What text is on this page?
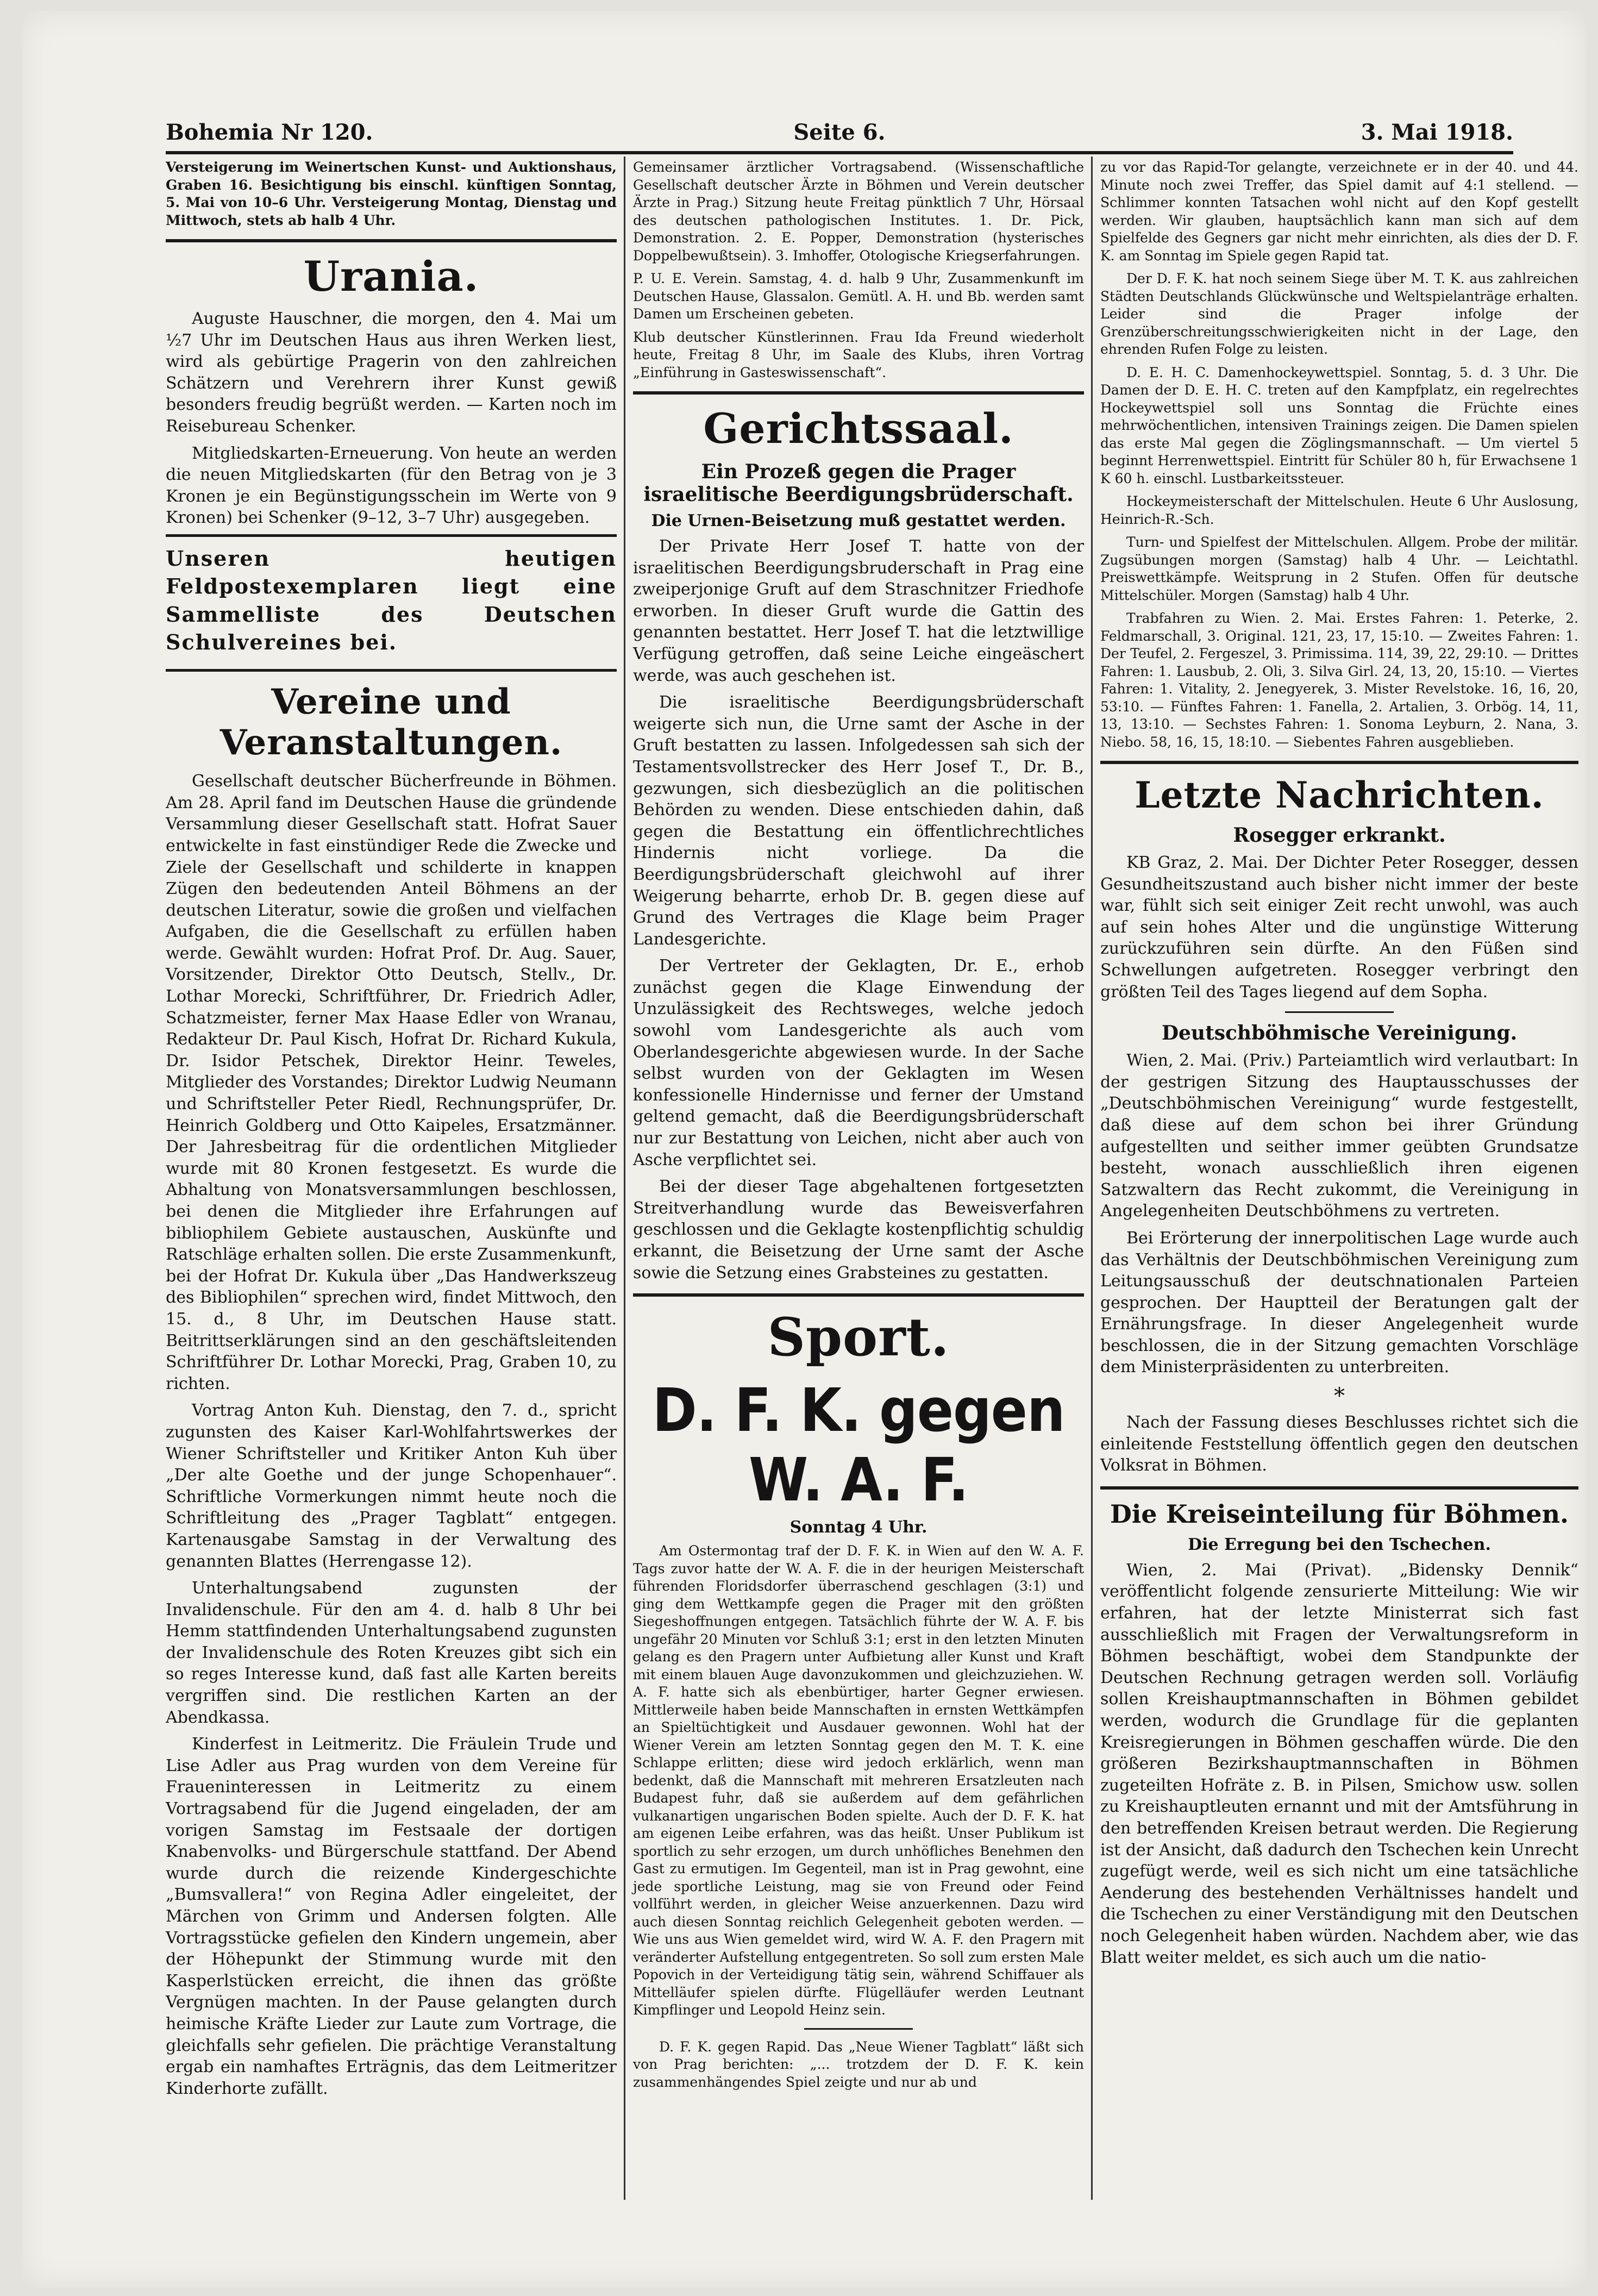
Bohemia Nr 120.	Seite 6.	3. Mai 1918.

Versteigerung im Weinertschen Kunst- und Auktionshaus, Graben 16. Besichtigung bis einschl. künftigen Sonntag, 5. Mai von 10–6 Uhr. Versteigerung Montag, Dienstag und Mittwoch, stets ab halb 4 Uhr.

Urania.

Auguste Hauschner, die morgen, den 4. Mai um ½7 Uhr im Deutschen Haus aus ihren Werken liest, wird als gebürtige Pragerin von den zahlreichen Schätzern und Verehrern ihrer Kunst gewiß besonders freudig begrüßt werden. — Karten noch im Reisebureau Schenker.

Mitgliedskarten-Erneuerung. Von heute an werden die neuen Mitgliedskarten (für den Betrag von je 3 Kronen je ein Begünstigungsschein im Werte von 9 Kronen) bei Schenker (9–12, 3–7 Uhr) ausgegeben.

Unseren heutigen Feldpostexemplaren liegt eine Sammelliste des Deutschen Schulvereines bei.

Vereine und Veranstaltungen.

Gesellschaft deutscher Bücherfreunde in Böhmen. Am 28. April fand im Deutschen Hause die gründende Versammlung dieser Gesellschaft statt. Hofrat Sauer entwickelte in fast einstündiger Rede die Zwecke und Ziele der Gesellschaft und schilderte in knappen Zügen den bedeutenden Anteil Böhmens an der deutschen Literatur, sowie die großen und vielfachen Aufgaben, die die Gesellschaft zu erfüllen haben werde. Gewählt wurden: Hofrat Prof. Dr. Aug. Sauer, Vorsitzender, Direktor Otto Deutsch, Stellv., Dr. Lothar Morecki, Schriftführer, Dr. Friedrich Adler, Schatzmeister, ferner Max Haase Edler von Wranau, Redakteur Dr. Paul Kisch, Hofrat Dr. Richard Kukula, Dr. Isidor Petschek, Direktor Heinr. Teweles, Mitglieder des Vorstandes; Direktor Ludwig Neumann und Schriftsteller Peter Riedl, Rechnungsprüfer, Dr. Heinrich Goldberg und Otto Kaipeles, Ersatzmänner. Der Jahresbeitrag für die ordentlichen Mitglieder wurde mit 80 Kronen festgesetzt. Es wurde die Abhaltung von Monatsversammlungen beschlossen, bei denen die Mitglieder ihre Erfahrungen auf bibliophilem Gebiete austauschen, Auskünfte und Ratschläge erhalten sollen. Die erste Zusammenkunft, bei der Hofrat Dr. Kukula über „Das Handwerkszeug des Bibliophilen“ sprechen wird, findet Mittwoch, den 15. d., 8 Uhr, im Deutschen Hause statt. Beitrittserklärungen sind an den geschäftsleitenden Schriftführer Dr. Lothar Morecki, Prag, Graben 10, zu richten.

Vortrag Anton Kuh. Dienstag, den 7. d., spricht zugunsten des Kaiser Karl-Wohlfahrtswerkes der Wiener Schriftsteller und Kritiker Anton Kuh über „Der alte Goethe und der junge Schopenhauer“. Schriftliche Vormerkungen nimmt heute noch die Schriftleitung des „Prager Tagblatt“ entgegen. Kartenausgabe Samstag in der Verwaltung des genannten Blattes (Herrengasse 12).

Unterhaltungsabend zugunsten der Invalidenschule. Für den am 4. d. halb 8 Uhr bei Hemm stattfindenden Unterhaltungsabend zugunsten der Invalidenschule des Roten Kreuzes gibt sich ein so reges Interesse kund, daß fast alle Karten bereits vergriffen sind. Die restlichen Karten an der Abendkassa.

Kinderfest in Leitmeritz. Die Fräulein Trude und Lise Adler aus Prag wurden von dem Vereine für Fraueninteressen in Leitmeritz zu einem Vortragsabend für die Jugend eingeladen, der am vorigen Samstag im Festsaale der dortigen Knabenvolks- und Bürgerschule stattfand. Der Abend wurde durch die reizende Kindergeschichte „Bumsvallera!“ von Regina Adler eingeleitet, der Märchen von Grimm und Andersen folgten. Alle Vortragsstücke gefielen den Kindern ungemein, aber der Höhepunkt der Stimmung wurde mit den Kasperlstücken erreicht, die ihnen das größte Vergnügen machten. In der Pause gelangten durch heimische Kräfte Lieder zur Laute zum Vortrage, die gleichfalls sehr gefielen. Die prächtige Veranstaltung ergab ein namhaftes Erträgnis, das dem Leitmeritzer Kinderhorte zufällt.

Gemeinsamer ärztlicher Vortragsabend. (Wissenschaftliche Gesellschaft deutscher Ärzte in Böhmen und Verein deutscher Ärzte in Prag.) Sitzung heute Freitag pünktlich 7 Uhr, Hörsaal des deutschen pathologischen Institutes. 1. Dr. Pick, Demonstration. 2. E. Popper, Demonstration (hysterisches Doppelbewußtsein). 3. Imhoffer, Otologische Kriegserfahrungen.

P. U. E. Verein. Samstag, 4. d. halb 9 Uhr, Zusammenkunft im Deutschen Hause, Glassalon. Gemütl. A. H. und Bb. werden samt Damen um Erscheinen gebeten.

Klub deutscher Künstlerinnen. Frau Ida Freund wiederholt heute, Freitag 8 Uhr, im Saale des Klubs, ihren Vortrag „Einführung in Gasteswissenschaft“.

Gerichtssaal.
Ein Prozeß gegen die Prager israelitische Beerdigungsbrüderschaft.
Die Urnen-Beisetzung muß gestattet werden.

Der Private Herr Josef T. hatte von der israelitischen Beerdigungsbruderschaft in Prag eine zweiperjonige Gruft auf dem Straschnitzer Friedhofe erworben. In dieser Gruft wurde die Gattin des genannten bestattet. Herr Josef T. hat die letztwillige Verfügung getroffen, daß seine Leiche eingeäschert werde, was auch geschehen ist.

Die israelitische Beerdigungsbrüderschaft weigerte sich nun, die Urne samt der Asche in der Gruft bestatten zu lassen. Infolgedessen sah sich der Testamentsvollstrecker des Herr Josef T., Dr. B., gezwungen, sich diesbezüglich an die politischen Behörden zu wenden. Diese entschieden dahin, daß gegen die Bestattung ein öffentlichrechtliches Hindernis nicht vorliege. Da die Beerdigungsbrüderschaft gleichwohl auf ihrer Weigerung beharrte, erhob Dr. B. gegen diese auf Grund des Vertrages die Klage beim Prager Landesgerichte.

Der Vertreter der Geklagten, Dr. E., erhob zunächst gegen die Klage Einwendung der Unzulässigkeit des Rechtsweges, welche jedoch sowohl vom Landesgerichte als auch vom Oberlandesgerichte abgewiesen wurde. In der Sache selbst wurden von der Geklagten im Wesen konfessionelle Hindernisse und ferner der Umstand geltend gemacht, daß die Beerdigungsbrüderschaft nur zur Bestattung von Leichen, nicht aber auch von Asche verpflichtet sei.

Bei der dieser Tage abgehaltenen fortgesetzten Streitverhandlung wurde das Beweisverfahren geschlossen und die Geklagte kostenpflichtig schuldig erkannt, die Beisetzung der Urne samt der Asche sowie die Setzung eines Grabsteines zu gestatten.

Sport.
D. F. K. gegen W. A. F.
Sonntag 4 Uhr.

Am Ostermontag traf der D. F. K. in Wien auf den W. A. F. Tags zuvor hatte der W. A. F. die in der heurigen Meisterschaft führenden Floridsdorfer überraschend geschlagen (3:1) und ging dem Wettkampfe gegen die Prager mit den größten Siegeshoffnungen entgegen. Tatsächlich führte der W. A. F. bis ungefähr 20 Minuten vor Schluß 3:1; erst in den letzten Minuten gelang es den Pragern unter Aufbietung aller Kunst und Kraft mit einem blauen Auge davonzukommen und gleichzuziehen. W. A. F. hatte sich als ebenbürtiger, harter Gegner erwiesen. Mittlerweile haben beide Mannschaften in ernsten Wettkämpfen an Spieltüchtigkeit und Ausdauer gewonnen. Wohl hat der Wiener Verein am letzten Sonntag gegen den M. T. K. eine Schlappe erlitten; diese wird jedoch erklärlich, wenn man bedenkt, daß die Mannschaft mit mehreren Ersatzleuten nach Budapest fuhr, daß sie außerdem auf dem gefährlichen vulkanartigen ungarischen Boden spielte. Auch der D. F. K. hat am eigenen Leibe erfahren, was das heißt. Unser Publikum ist sportlich zu sehr erzogen, um durch unhöfliches Benehmen den Gast zu ermutigen. Im Gegenteil, man ist in Prag gewohnt, eine jede sportliche Leistung, mag sie von Freund oder Feind vollführt werden, in gleicher Weise anzuerkennen. Dazu wird auch diesen Sonntag reichlich Gelegenheit geboten werden. — Wie uns aus Wien gemeldet wird, wird W. A. F. den Pragern mit veränderter Aufstellung entgegentreten. So soll zum ersten Male Popovich in der Verteidigung tätig sein, während Schiffauer als Mittelläufer spielen dürfte. Flügelläufer werden Leutnant Kimpflinger und Leopold Heinz sein.

D. F. K. gegen Rapid. Das „Neue Wiener Tagblatt“ läßt sich von Prag berichten: „... trotzdem der D. F. K. kein zusammenhängendes Spiel zeigte und nur ab und

zu vor das Rapid-Tor gelangte, verzeichnete er in der 40. und 44. Minute noch zwei Treffer, das Spiel damit auf 4:1 stellend. — Schlimmer konnten Tatsachen wohl nicht auf den Kopf gestellt werden. Wir glauben, hauptsächlich kann man sich auf dem Spielfelde des Gegners gar nicht mehr einrichten, als dies der D. F. K. am Sonntag im Spiele gegen Rapid tat.

Der D. F. K. hat noch seinem Siege über M. T. K. aus zahlreichen Städten Deutschlands Glückwünsche und Weltspielanträge erhalten. Leider sind die Prager infolge der Grenzüberschreitungsschwierigkeiten nicht in der Lage, den ehrenden Rufen Folge zu leisten.

D. E. H. C. Damenhockeywettspiel. Sonntag, 5. d. 3 Uhr. Die Damen der D. E. H. C. treten auf den Kampfplatz, ein regelrechtes Hockeywettspiel soll uns Sonntag die Früchte eines mehrwöchentlichen, intensiven Trainings zeigen. Die Damen spielen das erste Mal gegen die Zöglingsmannschaft. — Um viertel 5 beginnt Herrenwettspiel. Eintritt für Schüler 80 h, für Erwachsene 1 K 60 h. einschl. Lustbarkeitssteuer.

Hockeymeisterschaft der Mittelschulen. Heute 6 Uhr Auslosung, Heinrich-R.-Sch.

Turn- und Spielfest der Mittelschulen. Allgem. Probe der militär. Zugsübungen morgen (Samstag) halb 4 Uhr. — Leichtathl. Preiswettkämpfe. Weitsprung in 2 Stufen. Offen für deutsche Mittelschüler. Morgen (Samstag) halb 4 Uhr.

Trabfahren zu Wien. 2. Mai. Erstes Fahren: 1. Peterke, 2. Feldmarschall, 3. Original. 121, 23, 17, 15:10. — Zweites Fahren: 1. Der Teufel, 2. Fergeszel, 3. Primissima. 114, 39, 22, 29:10. — Drittes Fahren: 1. Lausbub, 2. Oli, 3. Silva Girl. 24, 13, 20, 15:10. — Viertes Fahren: 1. Vitality, 2. Jenegyerek, 3. Mister Revelstoke. 16, 16, 20, 53:10. — Fünftes Fahren: 1. Fanella, 2. Artalien, 3. Orbög. 14, 11, 13, 13:10. — Sechstes Fahren: 1. Sonoma Leyburn, 2. Nana, 3. Niebo. 58, 16, 15, 18:10. — Siebentes Fahren ausgeblieben.

Letzte Nachrichten.
Rosegger erkrankt.

KB Graz, 2. Mai. Der Dichter Peter Rosegger, dessen Gesundheitszustand auch bisher nicht immer der beste war, fühlt sich seit einiger Zeit recht unwohl, was auch auf sein hohes Alter und die ungünstige Witterung zurückzuführen sein dürfte. An den Füßen sind Schwellungen aufgetreten. Rosegger verbringt den größten Teil des Tages liegend auf dem Sopha.

Deutschböhmische Vereinigung.

Wien, 2. Mai. (Priv.) Parteiamtlich wird verlautbart: In der gestrigen Sitzung des Hauptausschusses der „Deutschböhmischen Vereinigung“ wurde festgestellt, daß diese auf dem schon bei ihrer Gründung aufgestellten und seither immer geübten Grundsatze besteht, wonach ausschließlich ihren eigenen Satzwaltern das Recht zukommt, die Vereinigung in Angelegenheiten Deutschböhmens zu vertreten.

Bei Erörterung der innerpolitischen Lage wurde auch das Verhältnis der Deutschböhmischen Vereinigung zum Leitungsausschuß der deutschnationalen Parteien gesprochen. Der Hauptteil der Beratungen galt der Ernährungsfrage. In dieser Angelegenheit wurde beschlossen, die in der Sitzung gemachten Vorschläge dem Ministerpräsidenten zu unterbreiten.

*

Nach der Fassung dieses Beschlusses richtet sich die einleitende Feststellung öffentlich gegen den deutschen Volksrat in Böhmen.

Die Kreiseinteilung für Böhmen.
Die Erregung bei den Tschechen.

Wien, 2. Mai (Privat). „Bidensky Dennik“ veröffentlicht folgende zensurierte Mitteilung: Wie wir erfahren, hat der letzte Ministerrat sich fast ausschließlich mit Fragen der Verwaltungsreform in Böhmen beschäftigt, wobei dem Standpunkte der Deutschen Rechnung getragen werden soll. Vorläufig sollen Kreishauptmannschaften in Böhmen gebildet werden, wodurch die Grundlage für die geplanten Kreisregierungen in Böhmen geschaffen würde. Die den größeren Bezirkshauptmannschaften in Böhmen zugeteilten Hofräte z. B. in Pilsen, Smichow usw. sollen zu Kreishauptleuten ernannt und mit der Amtsführung in den betreffenden Kreisen betraut werden. Die Regierung ist der Ansicht, daß dadurch den Tschechen kein Unrecht zugefügt werde, weil es sich nicht um eine tatsächliche Aenderung des bestehenden Verhältnisses handelt und die Tschechen zu einer Verständigung mit den Deutschen noch Gelegenheit haben würden. Nachdem aber, wie das Blatt weiter meldet, es sich auch um die natio-
